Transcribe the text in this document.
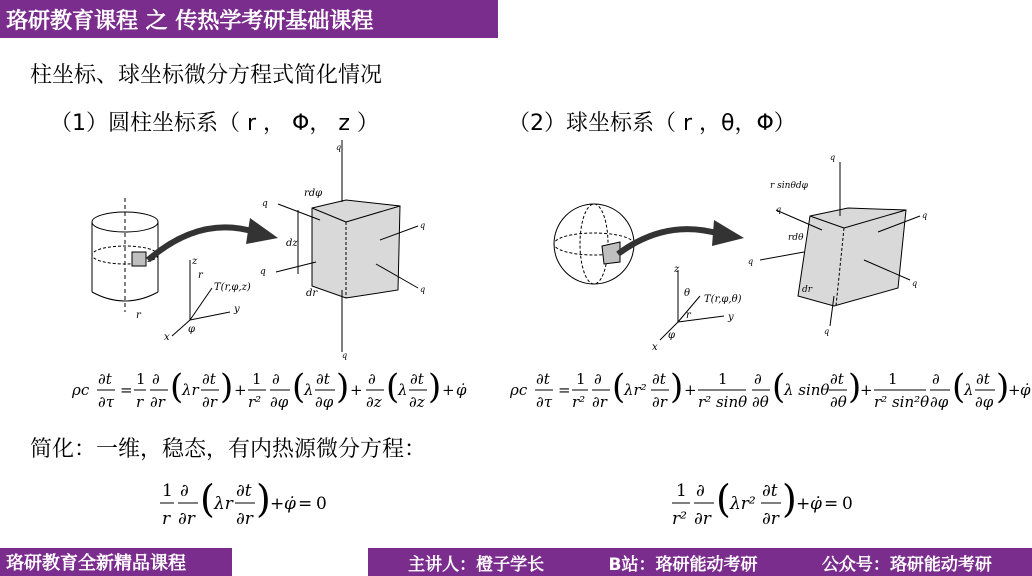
珞研教育课程 之 传热学考研基础课程
柱坐标、球坐标微分方程式简化情况
（1）圆柱坐标系（ r ， Φ， z ）	（2）球坐标系（ r ，θ，Φ）
z
y
x
r
T(r,φ,z)
φ
r
q
rdφ
q
q
dz
q
dr	q
q
z
θ
T(r,φ,θ)
y
x
φ
r
q
r sinθdφ
q
rdθ
q
q
dr
q
q
ρc
∂t
∂τ
=
1
r
∂
∂r (
λr
∂t
∂r ) +
1
r²
∂
∂φ (
λ
∂t
∂φ ) +
∂
∂z (
λ
∂t
∂z ) + φ̇	ρc
∂t
∂τ
=
1
r²
∂
∂r (
λr²
∂t
∂r ) +
1
r² sinθ
∂
∂θ (
λ sinθ
∂t
∂θ )
+
1
r² sin²θ
∂
∂φ (
λ
∂t
∂φ )
+ φ̇
简化：一维，稳态，有内热源微分方程：
1
r
∂
∂r ( λr
∂t
∂r ) + φ̇ = 0
1
r²
∂
∂r ( λr²
∂t
∂r ) + φ̇ = 0
珞研教育全新精品课程	主讲人：橙子学长	B站：珞研能动考研	公众号：珞研能动考研
